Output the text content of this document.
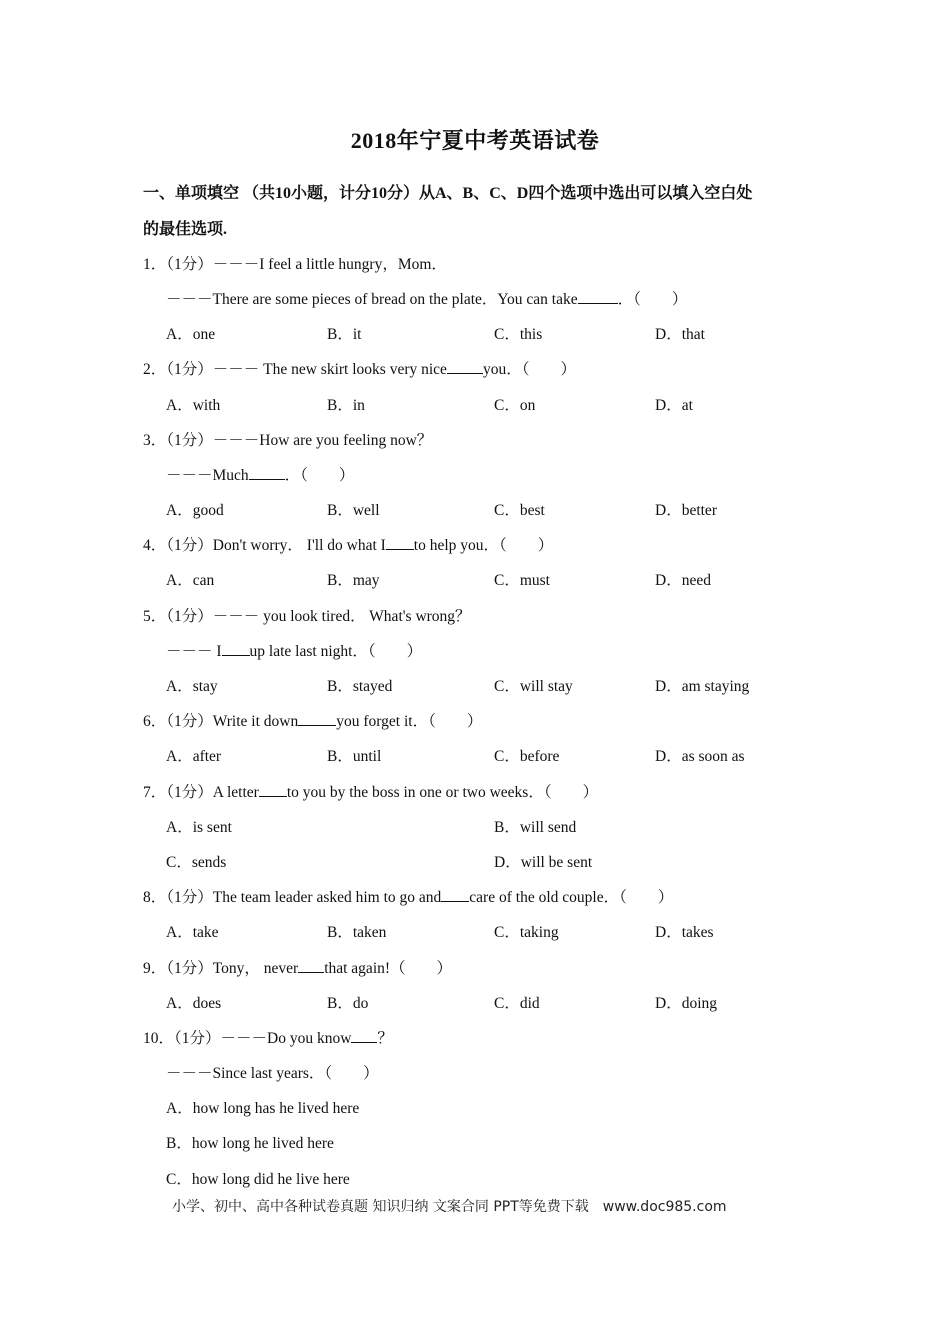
2018年宁夏中考英语试卷
一、单项填空 （共10小题，计分10分）从A、B、C、D四个选项中选出可以填入空白处
的最佳选项.
1．（1分）－－－I feel a little hungry，Mom．
－－－There are some pieces of bread on the plate．You can take	．（　　）
A．one	B．it	C．this	D．that
2．（1分）－－－ The new skirt looks very nice you．（　　）
A．with	B．in	C．on	D．at
3．（1分）－－－How are you feeling now？
－－－Much ．（　　）
A．good	B．well	C．best	D．better
4．（1分）Don't worry． I'll do what I to help you．（　　）
A．can	B．may	C．must	D．need
5．（1分）－－－ you look tired． What's wrong？
－－－ I up late last night．（　　）
A．stay	B．stayed	C．will stay	D．am staying
6．（1分）Write it down you forget it．（　　）
A．after	B．until	C．before	D．as soon as
7．（1分）A letter to you by the boss in one or two weeks．（　　）
A．is sent	B．will send
C．sends	D．will be sent
8．（1分）The team leader asked him to go and care of the old couple．（　　）
A．take	B．taken	C．taking	D．takes
9．（1分）Tony， never that again!（　　）
A．does	B．do	C．did	D．doing
10．（1分）－－－Do you know ？
－－－Since last years．（　　）
A．how long has he lived here
B．how long he lived here
C．how long did he live here
小学、初中、高中各种试卷真题 知识归纳 文案合同 PPT等免费下载　www.doc985.com
